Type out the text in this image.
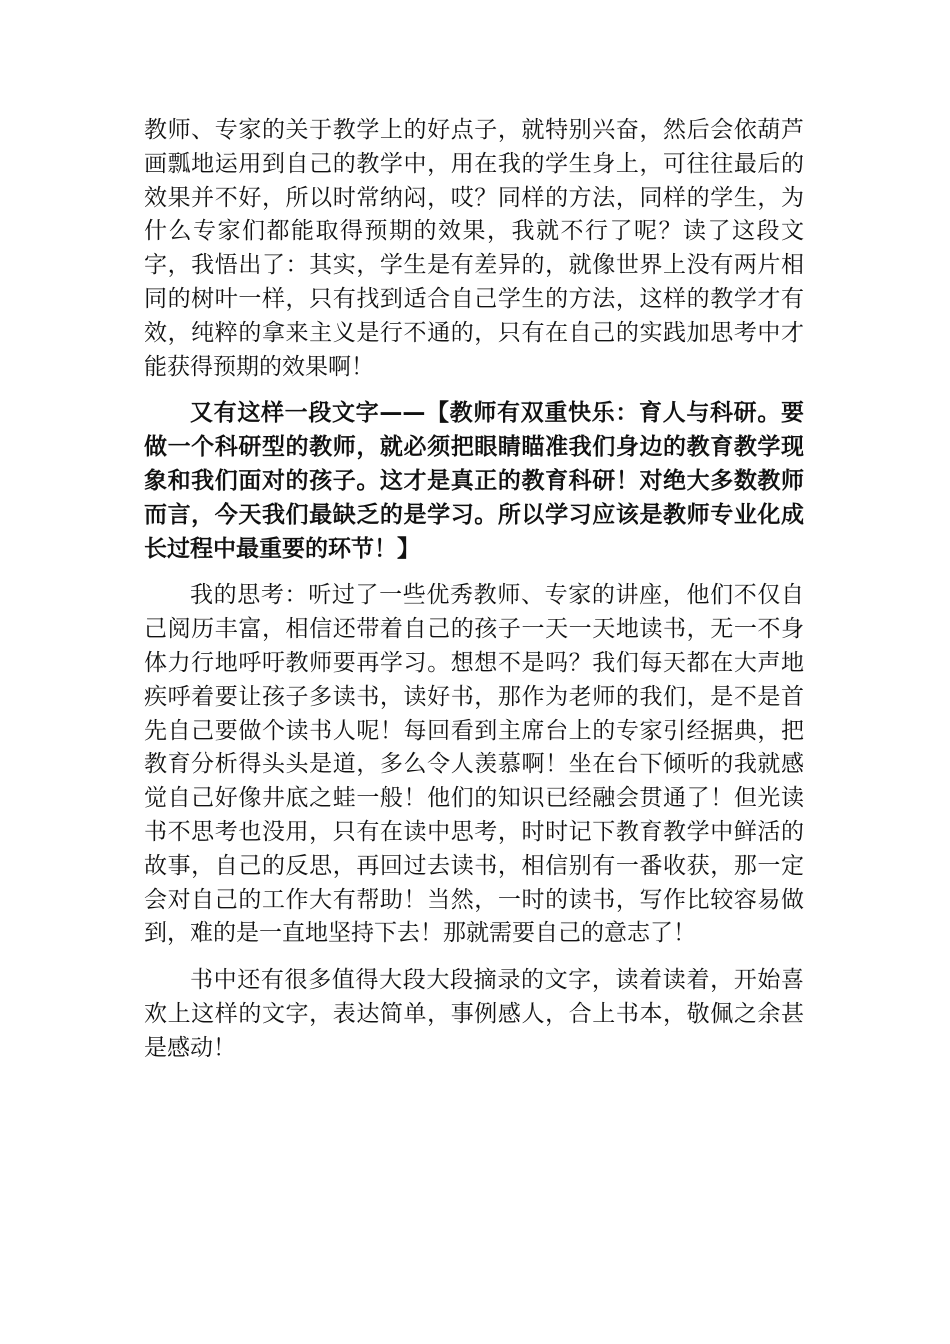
教师、专家的关于教学上的好点子，就特别兴奋，然后会依葫芦画瓢地运用到自己的教学中，用在我的学生身上，可往往最后的效果并不好，所以时常纳闷，哎？同样的方法，同样的学生，为什么专家们都能取得预期的效果，我就不行了呢？读了这段文字，我悟出了：其实，学生是有差异的，就像世界上没有两片相同的树叶一样，只有找到适合自己学生的方法，这样的教学才有效，纯粹的拿来主义是行不通的，只有在自己的实践加思考中才能获得预期的效果啊！

又有这样一段文字——【教师有双重快乐：育人与科研。要做一个科研型的教师，就必须把眼睛瞄准我们身边的教育教学现象和我们面对的孩子。这才是真正的教育科研！对绝大多数教师而言，今天我们最缺乏的是学习。所以学习应该是教师专业化成长过程中最重要的环节！】

我的思考：听过了一些优秀教师、专家的讲座，他们不仅自己阅历丰富，相信还带着自己的孩子一天一天地读书，无一不身体力行地呼吁教师要再学习。想想不是吗？我们每天都在大声地疾呼着要让孩子多读书，读好书，那作为老师的我们，是不是首先自己要做个读书人呢！每回看到主席台上的专家引经据典，把教育分析得头头是道，多么令人羡慕啊！坐在台下倾听的我就感觉自己好像井底之蛙一般！他们的知识已经融会贯通了！但光读书不思考也没用，只有在读中思考，时时记下教育教学中鲜活的故事，自己的反思，再回过去读书，相信别有一番收获，那一定会对自己的工作大有帮助！当然，一时的读书，写作比较容易做到，难的是一直地坚持下去！那就需要自己的意志了！

书中还有很多值得大段大段摘录的文字，读着读着，开始喜欢上这样的文字，表达简单，事例感人，合上书本，敬佩之余甚是感动！
